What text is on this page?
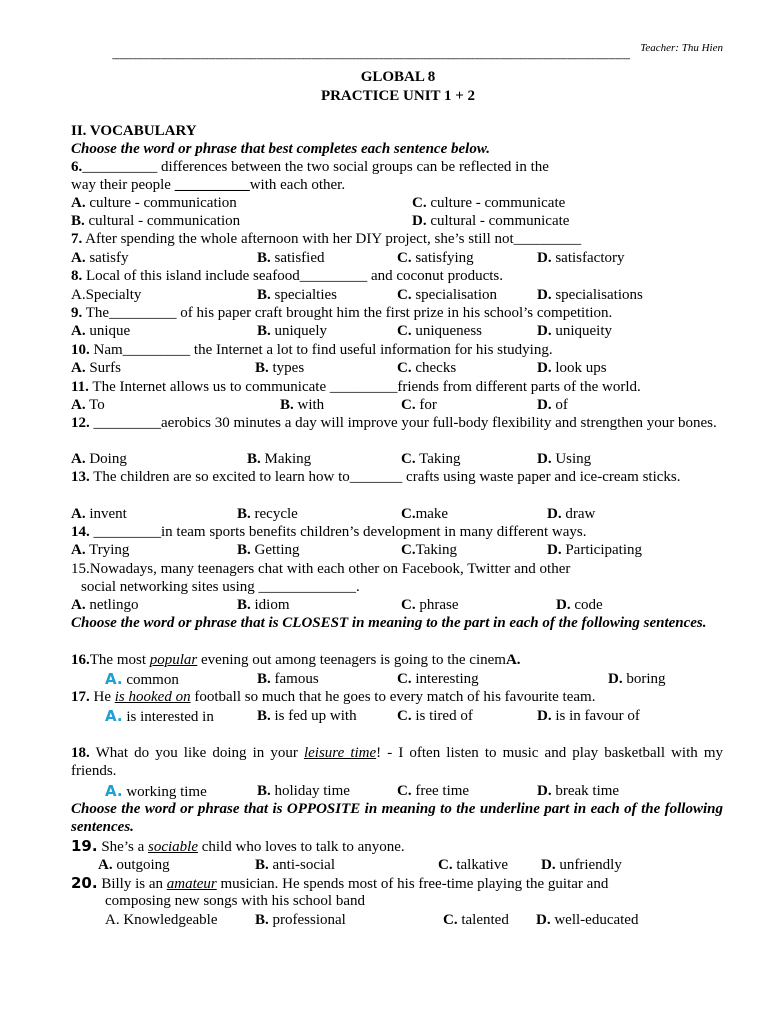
Teacher: Thu Hien
------------------------------------------------------------------------------------------------------------------------------------------------------------------------------------------------------------------------
GLOBAL 8
PRACTICE UNIT 1 + 2
II. VOCABULARY
Choose the word or phrase that best completes each sentence below.
6.__________ differences between the two social groups can be reflected in the
way their people __________with each other.
A. culture - communication	C. culture - communicate
B. cultural - communication	D. cultural - communicate
7. After spending the whole afternoon with her DIY project, she’s still not_________
A. satisfy	B. satisfied	C. satisfying	D. satisfactory
8. Local of this island include seafood_________ and coconut products.
A.Specialty	B. specialties	C. specialisation	D. specialisations
9. The_________ of his paper craft brought him the first prize in his school’s competition.
A. unique	B. uniquely	C. uniqueness	D. uniqueity
10. Nam_________ the Internet a lot to find useful information for his studying.
A. Surfs	B. types	C. checks	D. look ups
11. The Internet allows us to communicate _________friends from different parts of the world.
A. To	B. with	C. for	D. of
12. _________aerobics 30 minutes a day will improve your full-body flexibility and strengthen your bones.
A. Doing	B. Making	C. Taking	D. Using
13. The children are so excited to learn how to_______ crafts using waste paper and ice-cream sticks.
A. invent	B. recycle	C.make	D. draw
14. _________in team sports benefits children’s development in many different ways.
A. Trying	B. Getting	C.Taking	D. Participating
15.Nowadays, many teenagers chat with each other on Facebook, Twitter and other
social networking sites using _____________.
A. netlingo	B. idiom	C. phrase	D. code
Choose the word or phrase that is CLOSEST in meaning to the part in each of the following sentences.
16.The most popular evening out among teenagers is going to the cinemA.
A. common	B. famous	C. interesting	D. boring
17. He is hooked on football so much that he goes to every match of his favourite team.
A. is interested in	B. is fed up with	C. is tired of	D. is in favour of
18. What do you like doing in your leisure time! - I often listen to music and play basketball with my friends.
A. working time	B. holiday time	C. free time	D. break time
Choose the word or phrase that is OPPOSITE in meaning to the underline part in each of the following sentences.
19. She’s a sociable child who loves to talk to anyone.
A. outgoing	B. anti-social	C. talkative D. unfriendly
20. Billy is an amateur musician. He spends most of his free-time playing the guitar and
composing new songs with his school band
A. Knowledgeable	B. professional	C. talented D. well-educated
